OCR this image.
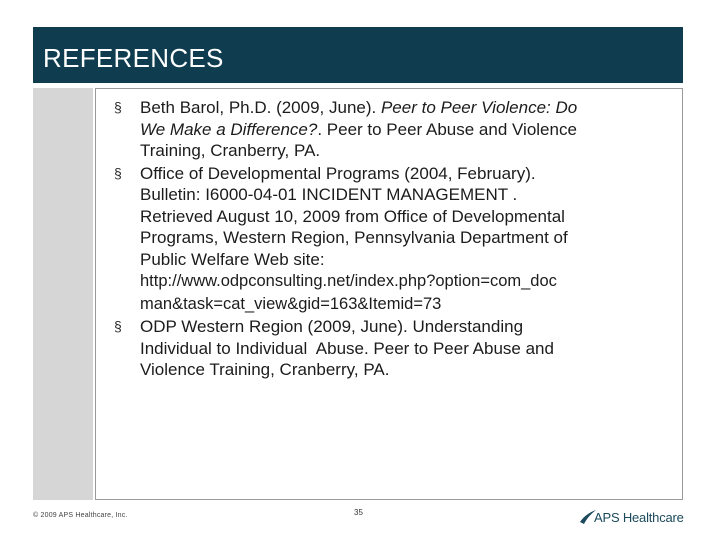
REFERENCES
§ Beth Barol, Ph.D. (2009, June). Peer to Peer Violence: Do
We Make a Difference?. Peer to Peer Abuse and Violence
Training, Cranberry, PA.
§ Office of Developmental Programs (2004, February).
Bulletin: I6000-04-01 INCIDENT MANAGEMENT .
Retrieved August 10, 2009 from Office of Developmental
Programs, Western Region, Pennsylvania Department of
Public Welfare Web site:
http://www.odpconsulting.net/index.php?option=com_doc
man&task=cat_view&gid=163&Itemid=73
§ ODP Western Region (2009, June). Understanding
Individual to Individual  Abuse. Peer to Peer Abuse and
Violence Training, Cranberry, PA.
© 2009 APS Healthcare, Inc.	35	APS Healthcare
